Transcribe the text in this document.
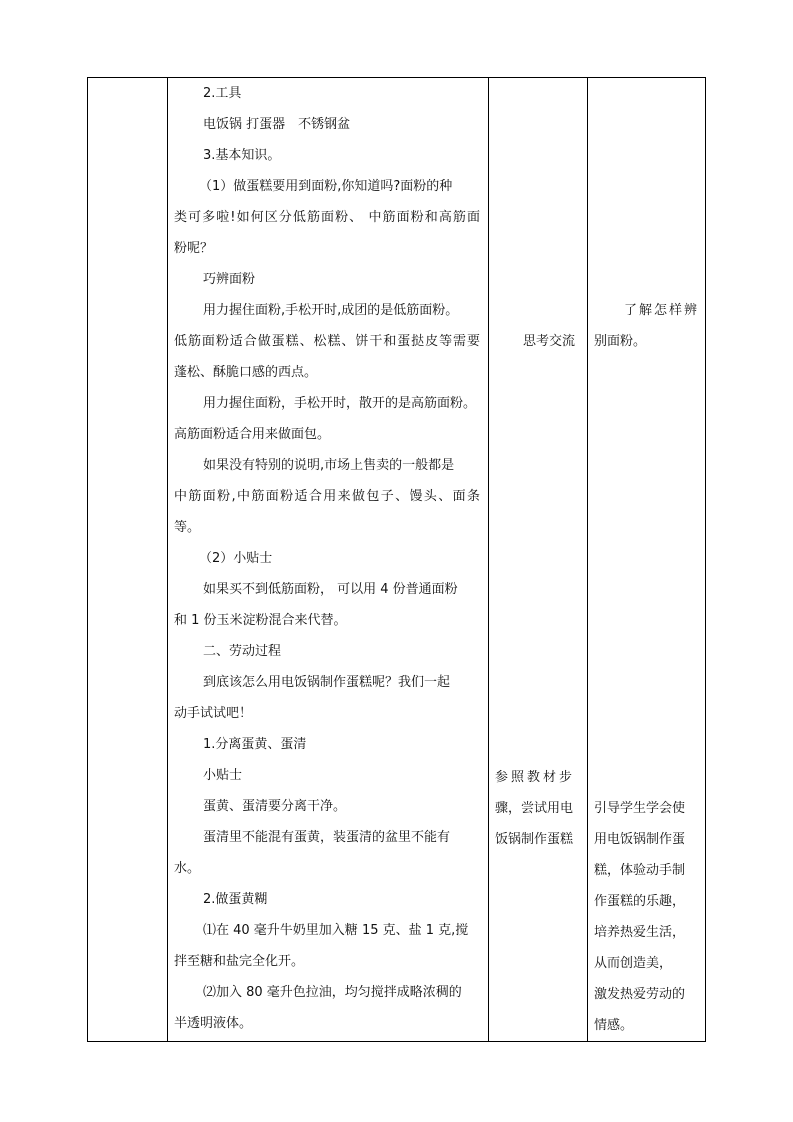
2.工具
电饭锅 打蛋器　不锈钢盆
3.基本知识。
（1）做蛋糕要用到面粉,你知道吗?面粉的种
类可多啦!如何区分低筋面粉、 中筋面粉和高筋面
粉呢？
巧辨面粉
用力握住面粉,手松开时,成团的是低筋面粉。
低筋面粉适合做蛋糕、松糕、饼干和蛋挞皮等需要
蓬松、酥脆口感的西点。
用力握住面粉，手松开时，散开的是高筋面粉。
高筋面粉适合用来做面包。
如果没有特别的说明,市场上售卖的一般都是
中筋面粉,中筋面粉适合用来做包子、馒头、面条
等。
（2）小贴士
如果买不到低筋面粉， 可以用 4 份普通面粉
和 1 份玉米淀粉混合来代替。
二、劳动过程
到底该怎么用电饭锅制作蛋糕呢？我们一起
动手试试吧！
1.分离蛋黄、蛋清
小贴士
蛋黄、蛋清要分离干净。
蛋清里不能混有蛋黄，装蛋清的盆里不能有
水。
2.做蛋黄糊
⑴在 40 毫升牛奶里加入糖 15 克、盐 1 克,搅
拌至糖和盐完全化开。
⑵加入 80 毫升色拉油，均匀搅拌成略浓稠的
半透明液体。
思考交流
参照教材步
骤，尝试用电
饭锅制作蛋糕
了解怎样辨
别面粉。
引导学生学会使
用电饭锅制作蛋
糕，体验动手制
作蛋糕的乐趣，
培养热爱生活，
从而创造美，
激发热爱劳动的
情感。
